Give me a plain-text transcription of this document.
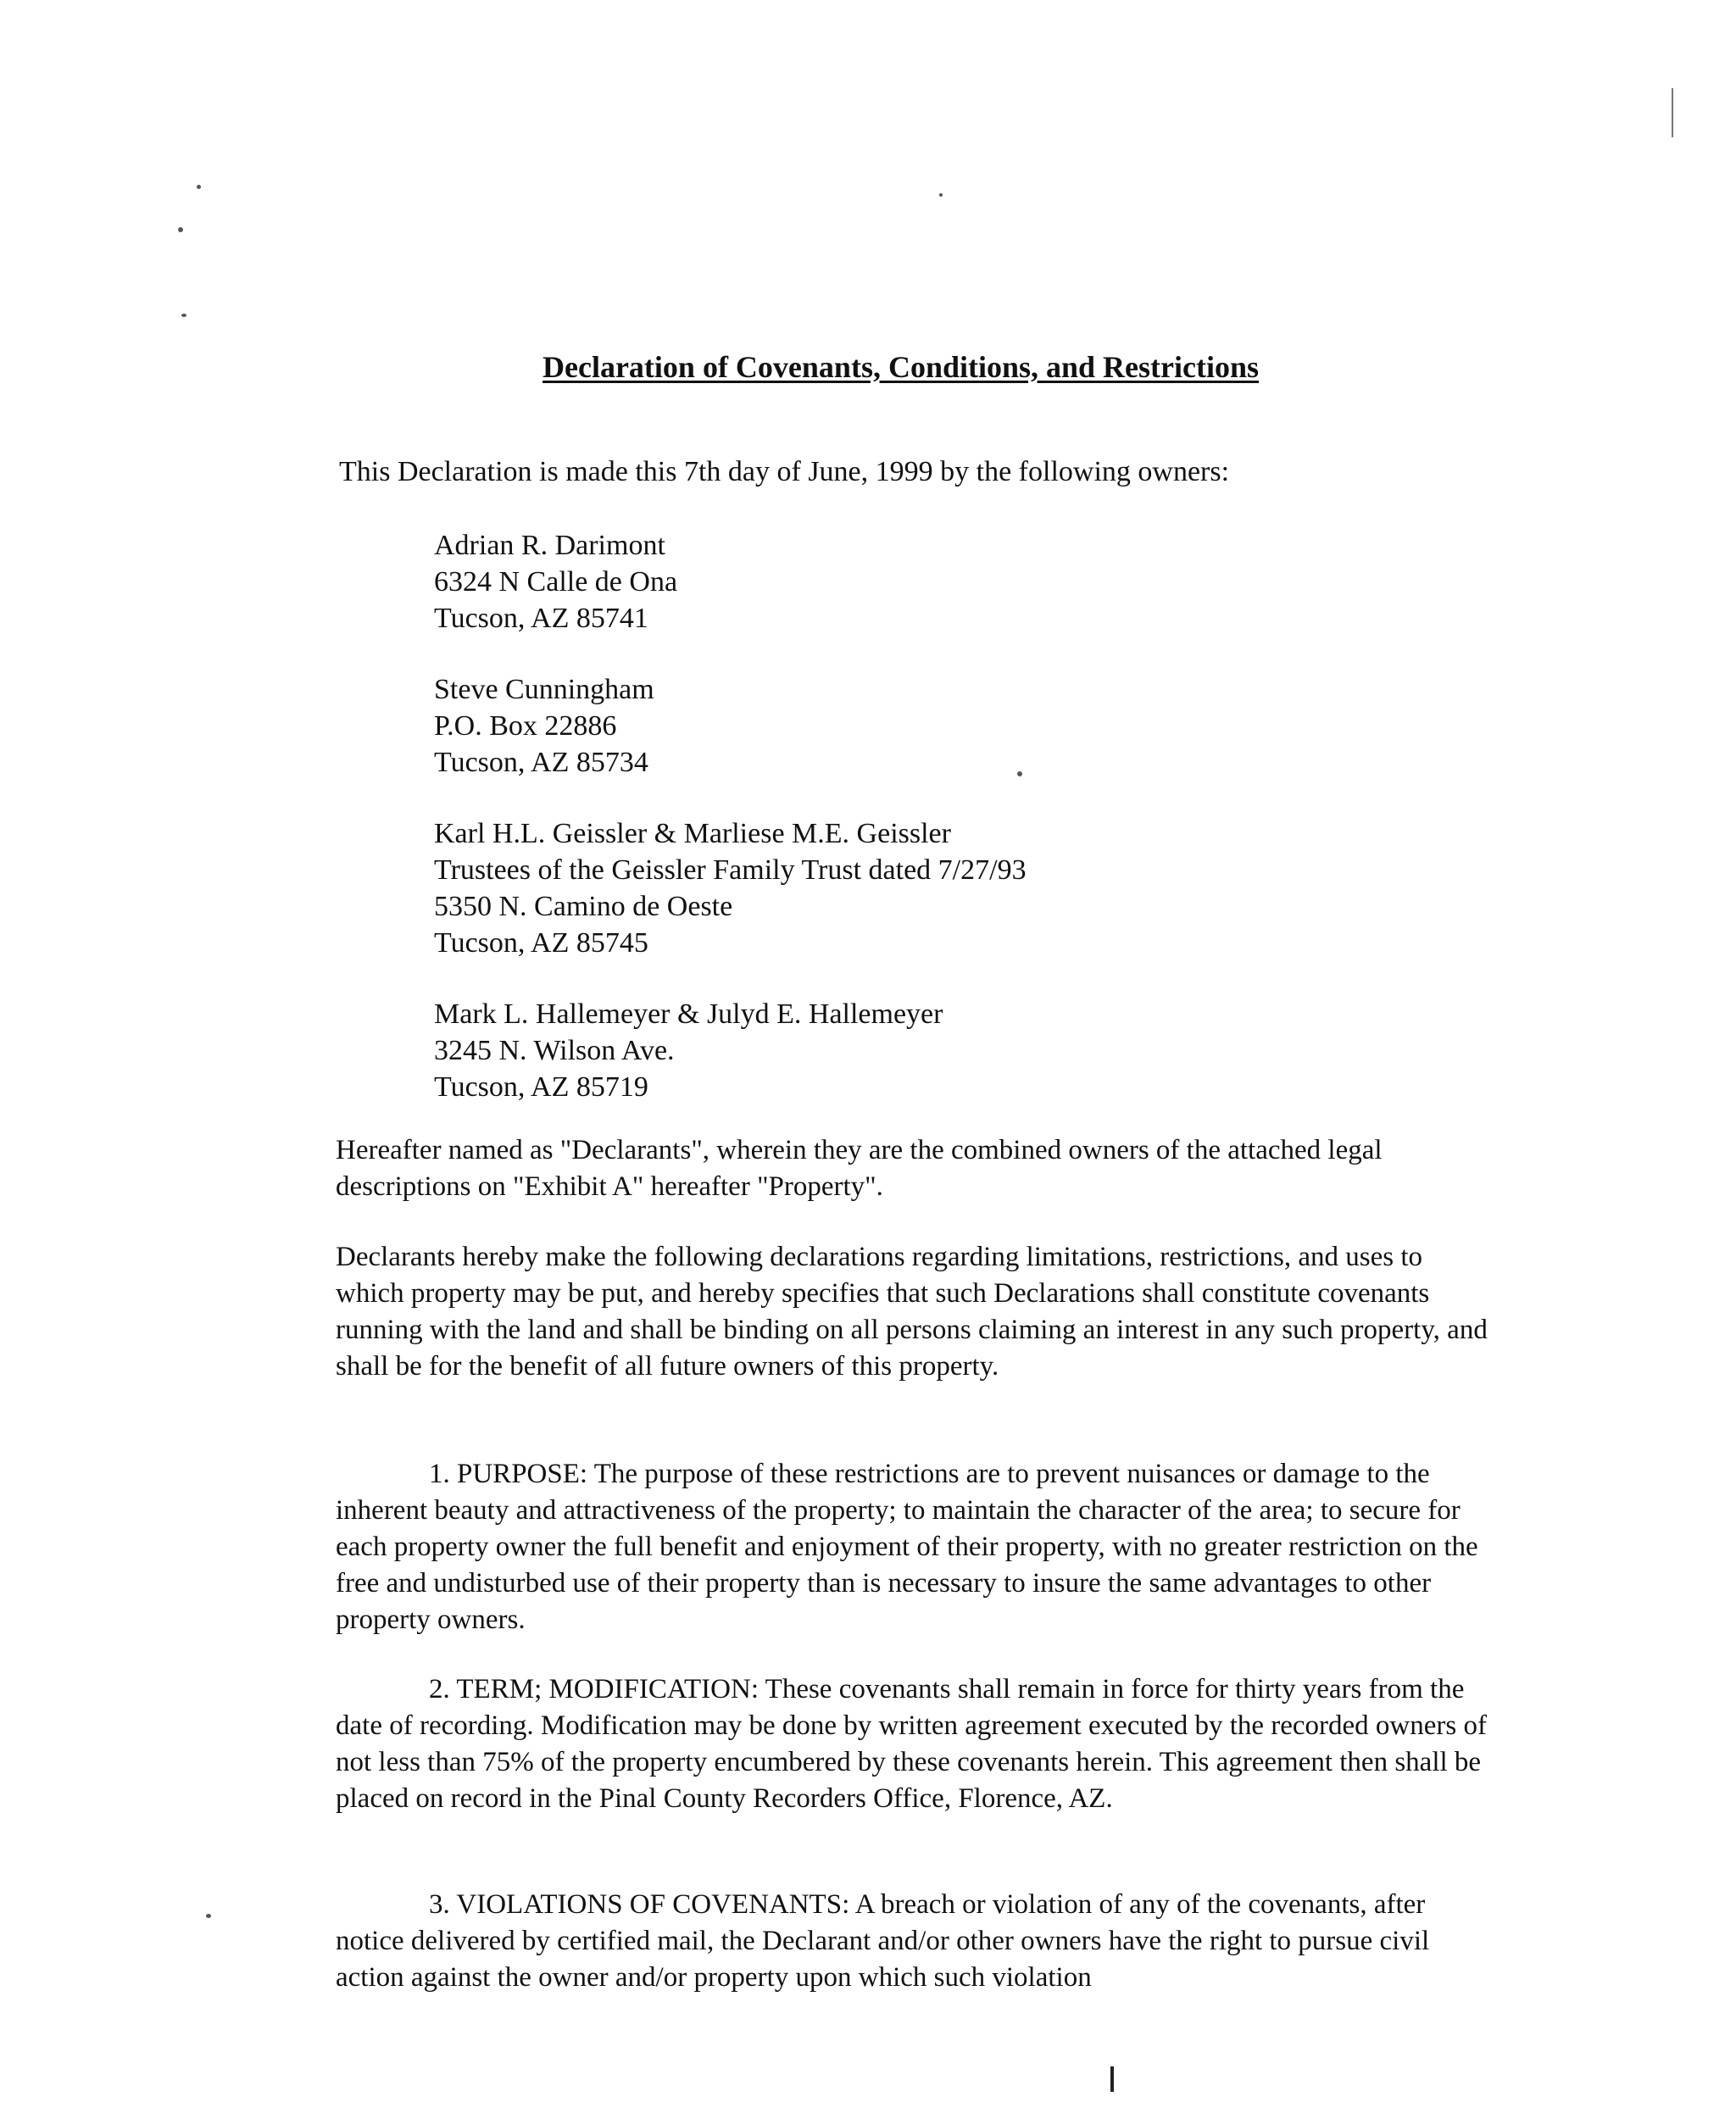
Declaration of Covenants, Conditions, and Restrictions
This Declaration is made this 7th day of June, 1999 by the following owners:
Adrian R. Darimont
6324 N Calle de Ona
Tucson, AZ 85741
Steve Cunningham
P.O. Box 22886
Tucson, AZ 85734
Karl H.L. Geissler & Marliese M.E. Geissler
Trustees of the Geissler Family Trust dated 7/27/93
5350 N. Camino de Oeste
Tucson, AZ 85745
Mark L. Hallemeyer & Julyd E. Hallemeyer
3245 N. Wilson Ave.
Tucson, AZ 85719
Hereafter named as "Declarants", wherein they are the combined owners of the attached legal descriptions on "Exhibit A" hereafter "Property".
Declarants hereby make the following declarations regarding limitations, restrictions, and uses to which property may be put, and hereby specifies that such Declarations shall constitute covenants running with the land and shall be binding on all persons claiming an interest in any such property, and shall be for the benefit of all future owners of this property.
1. PURPOSE: The purpose of these restrictions are to prevent nuisances or damage to the inherent beauty and attractiveness of the property; to maintain the character of the area; to secure for each property owner the full benefit and enjoyment of their property, with no greater restriction on the free and undisturbed use of their property than is necessary to insure the same advantages to other property owners.
2. TERM; MODIFICATION: These covenants shall remain in force for thirty years from the date of recording. Modification may be done by written agreement executed by the recorded owners of not less than 75% of the property encumbered by these covenants herein. This agreement then shall be placed on record in the Pinal County Recorders Office, Florence, AZ.
3. VIOLATIONS OF COVENANTS: A breach or violation of any of the covenants, after notice delivered by certified mail, the Declarant and/or other owners have the right to pursue civil action against the owner and/or property upon which such violation
